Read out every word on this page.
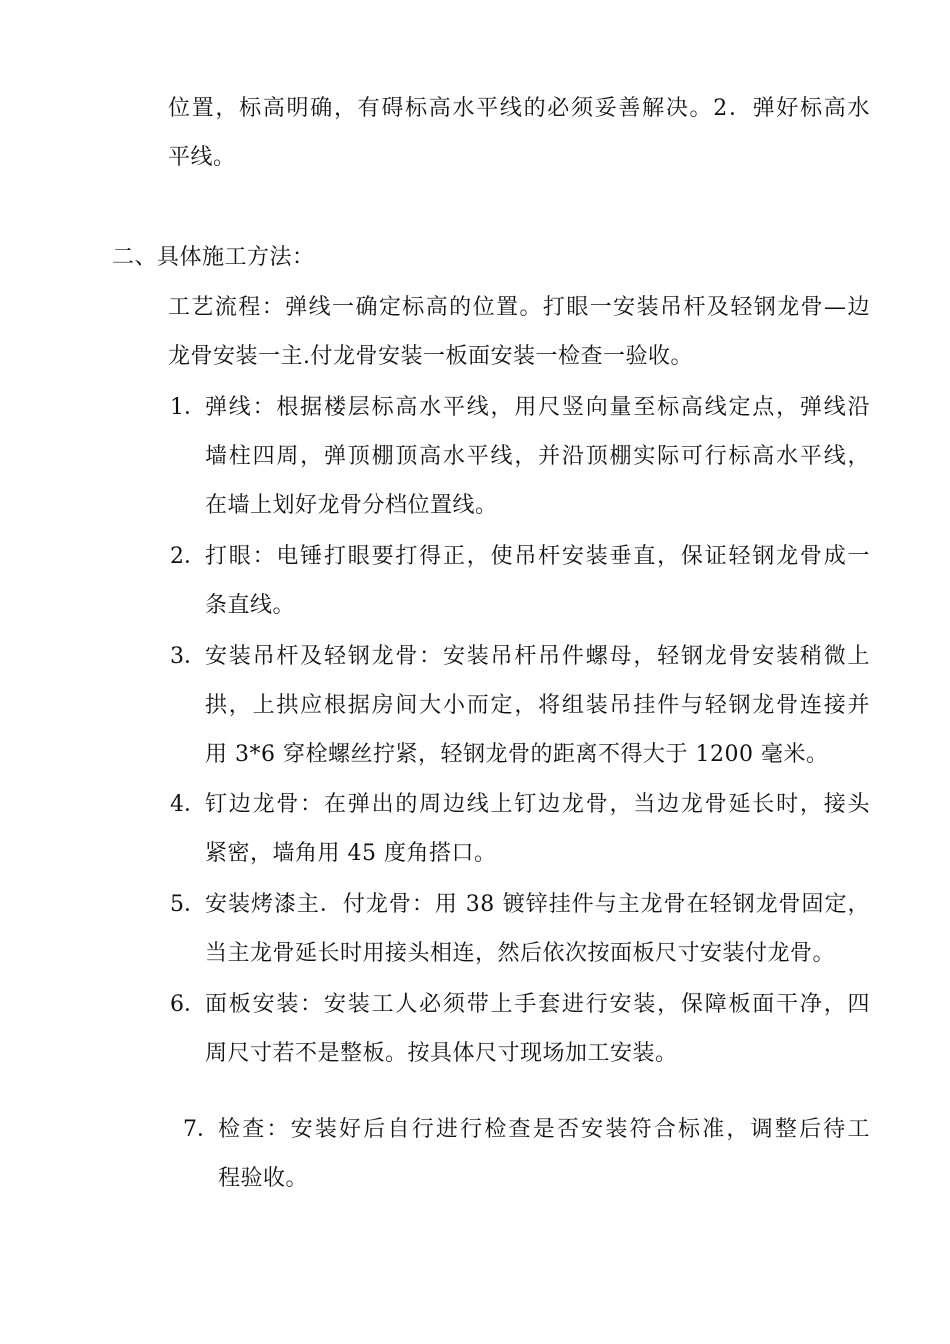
位置，标高明确，有碍标高水平线的必须妥善解决。2．弹好标高水
平线。
二、具体施工方法：
工艺流程：弹线一确定标高的位置。打眼一安装吊杆及轻钢龙骨—边
龙骨安装一主.付龙骨安装一板面安装一检查一验收。
1． 弹线：根据楼层标高水平线，用尺竖向量至标高线定点，弹线沿
墙柱四周，弹顶棚顶高水平线，并沿顶棚实际可行标高水平线，
在墙上划好龙骨分档位置线。
2． 打眼：电锤打眼要打得正，使吊杆安装垂直，保证轻钢龙骨成一
条直线。
3． 安装吊杆及轻钢龙骨：安装吊杆吊件螺母，轻钢龙骨安装稍微上
拱，上拱应根据房间大小而定，将组装吊挂件与轻钢龙骨连接并
用 3*6 穿栓螺丝拧紧，轻钢龙骨的距离不得大于 1200 毫米。
4． 钉边龙骨：在弹出的周边线上钉边龙骨，当边龙骨延长时，接头
紧密，墙角用 45 度角搭口。
5． 安装烤漆主．付龙骨：用 38 镀锌挂件与主龙骨在轻钢龙骨固定，
当主龙骨延长时用接头相连，然后依次按面板尺寸安装付龙骨。
6． 面板安装：安装工人必须带上手套进行安装，保障板面干净，四
周尺寸若不是整板。按具体尺寸现场加工安装。
7． 检查：安装好后自行进行检查是否安装符合标准，调整后待工
程验收。
